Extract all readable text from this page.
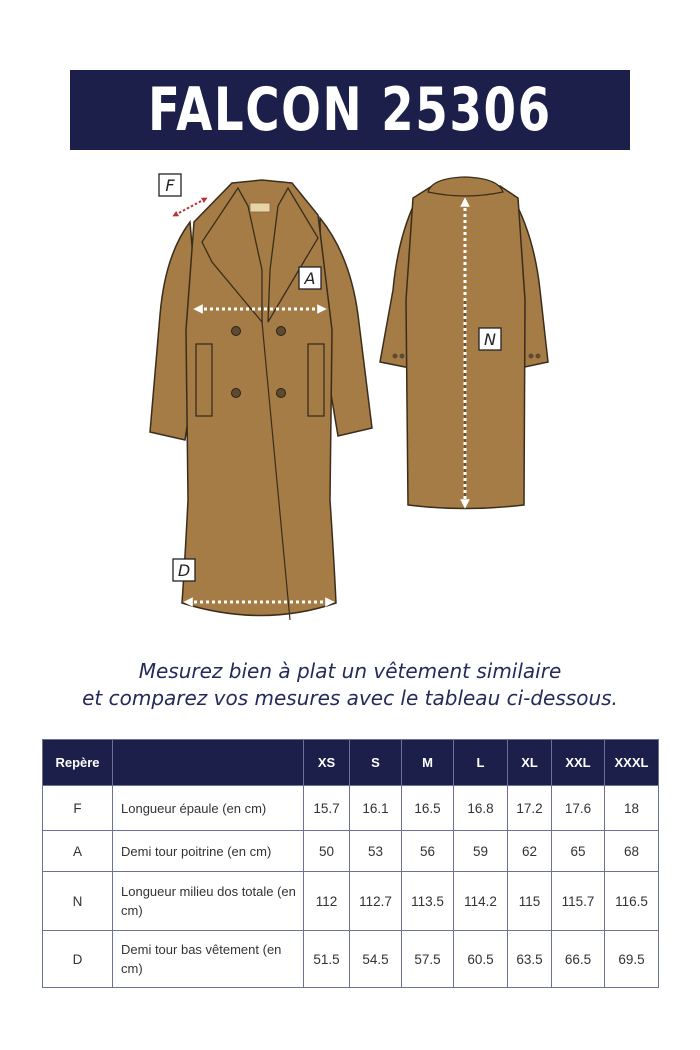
FALCON 25306
F
A
N
D
Mesurez bien à plat un vêtement similaire
et comparez vos mesures avec le tableau ci-dessous.
Repère		XS	S	M	L	XL	XXL	XXXL
F	Longueur épaule (en cm)	15.7	16.1	16.5	16.8	17.2	17.6	18
A	Demi tour poitrine (en cm)	50	53	56	59	62	65	68
N	Longueur milieu dos totale (en cm)	112	112.7	113.5	114.2	115	115.7	116.5
D	Demi tour bas vêtement (en cm)	51.5	54.5	57.5	60.5	63.5	66.5	69.5
